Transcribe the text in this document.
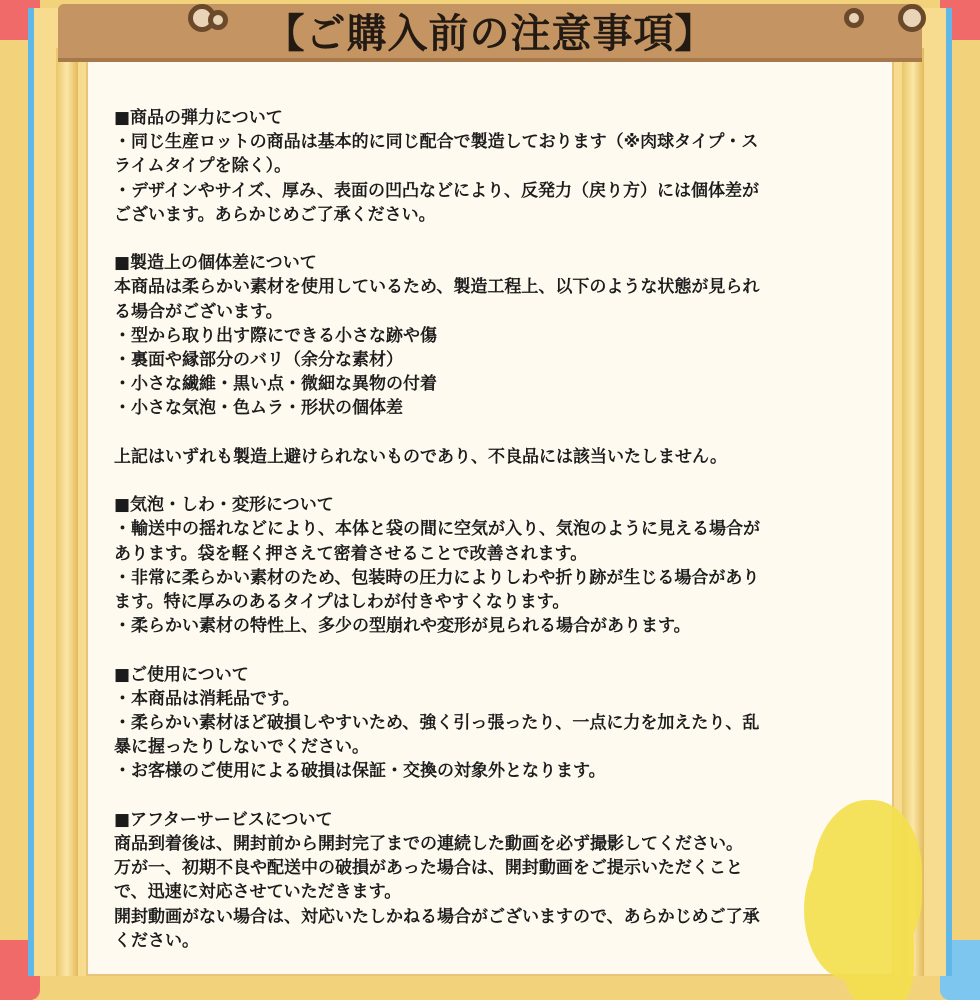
【ご購入前の注意事項】

■商品の弾力について

・同じ生産ロットの商品は基本的に同じ配合で製造しております（※肉球タイプ・ス

ライムタイプを除く）。

・デザインやサイズ、厚み、表面の凹凸などにより、反発力（戻り方）には個体差が

ございます。あらかじめご了承ください。

■製造上の個体差について

本商品は柔らかい素材を使用しているため、製造工程上、以下のような状態が見られ

る場合がございます。

・型から取り出す際にできる小さな跡や傷

・裏面や縁部分のバリ（余分な素材）

・小さな繊維・黒い点・微細な異物の付着

・小さな気泡・色ムラ・形状の個体差

上記はいずれも製造上避けられないものであり、不良品には該当いたしません。

■気泡・しわ・変形について

・輸送中の揺れなどにより、本体と袋の間に空気が入り、気泡のように見える場合が

あります。袋を軽く押さえて密着させることで改善されます。

・非常に柔らかい素材のため、包装時の圧力によりしわや折り跡が生じる場合があり

ます。特に厚みのあるタイプはしわが付きやすくなります。

・柔らかい素材の特性上、多少の型崩れや変形が見られる場合があります。

■ご使用について

・本商品は消耗品です。

・柔らかい素材ほど破損しやすいため、強く引っ張ったり、一点に力を加えたり、乱

暴に握ったりしないでください。

・お客様のご使用による破損は保証・交換の対象外となります。

■アフターサービスについて

商品到着後は、開封前から開封完了までの連続した動画を必ず撮影してください。

万が一、初期不良や配送中の破損があった場合は、開封動画をご提示いただくこと

で、迅速に対応させていただきます。

開封動画がない場合は、対応いたしかねる場合がございますので、あらかじめご了承

ください。
